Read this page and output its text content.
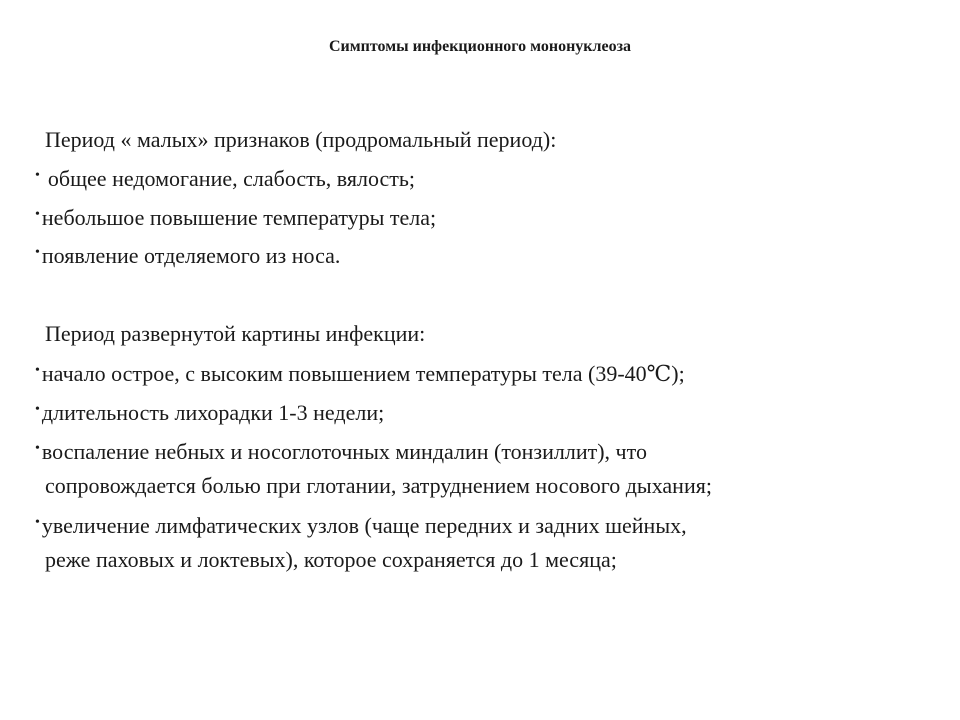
Симптомы инфекционного мононуклеоза
Период « малых» признаков (продромальный период):
• общее недомогание, слабость, вялость;
•небольшое повышение температуры тела;
•появление отделяемого из носа.
Период развернутой картины инфекции:
•начало острое, с высоким повышением температуры тела (39-40℃);
•длительность лихорадки 1-3 недели;
•воспаление небных и носоглоточных миндалин (тонзиллит), что
сопровождается болью при глотании, затруднением носового дыхания;
•увеличение лимфатических узлов (чаще передних и задних шейных,
реже паховых и локтевых), которое сохраняется до 1 месяца;
